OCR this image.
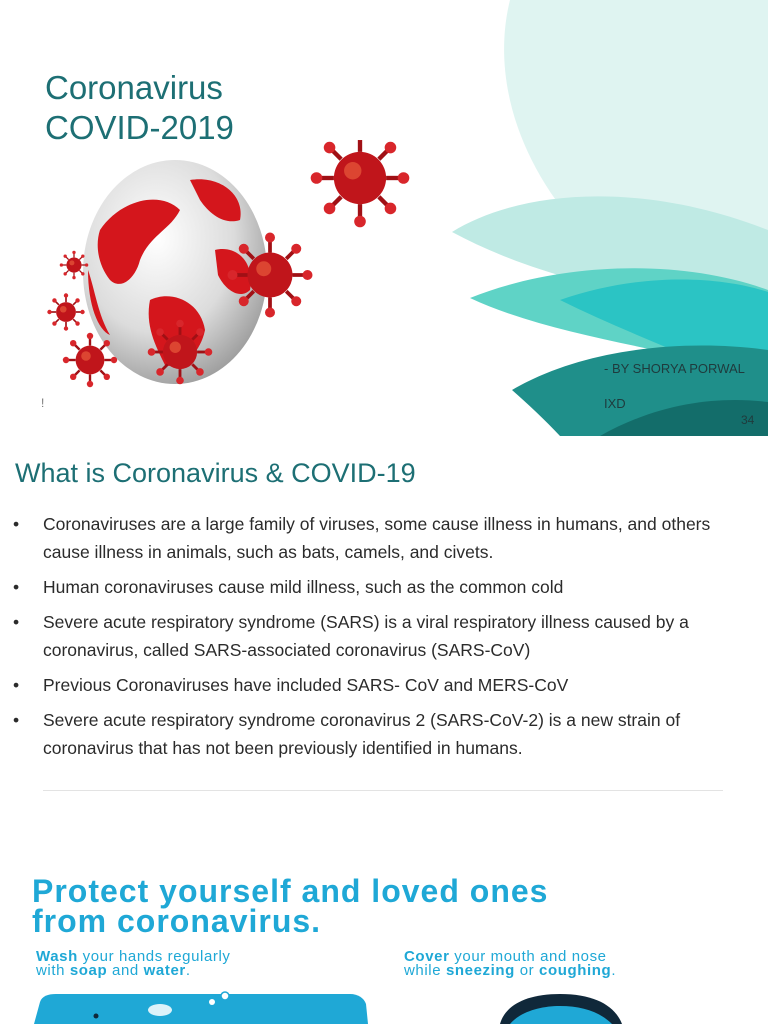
Coronavirus
COVID-2019
- BY SHORYA PORWAL
IXD
34
!
What is Coronavirus & COVID-19
• Coronaviruses are a large family of viruses, some cause illness in humans, and others cause illness in animals, such as bats, camels, and civets.
• Human coronaviruses cause mild illness, such as the common cold
• Severe acute respiratory syndrome (SARS) is a viral respiratory illness caused by a coronavirus, called SARS-associated coronavirus (SARS-CoV)
• Previous Coronaviruses have included SARS- CoV and MERS-CoV
• Severe acute respiratory syndrome coronavirus 2 (SARS-CoV-2) is a new strain of coronavirus that has not been previously identified in humans.
Protect yourself and loved ones
from coronavirus.
Wash your hands regularly
with soap and water.
Cover your mouth and nose
while sneezing or coughing.
